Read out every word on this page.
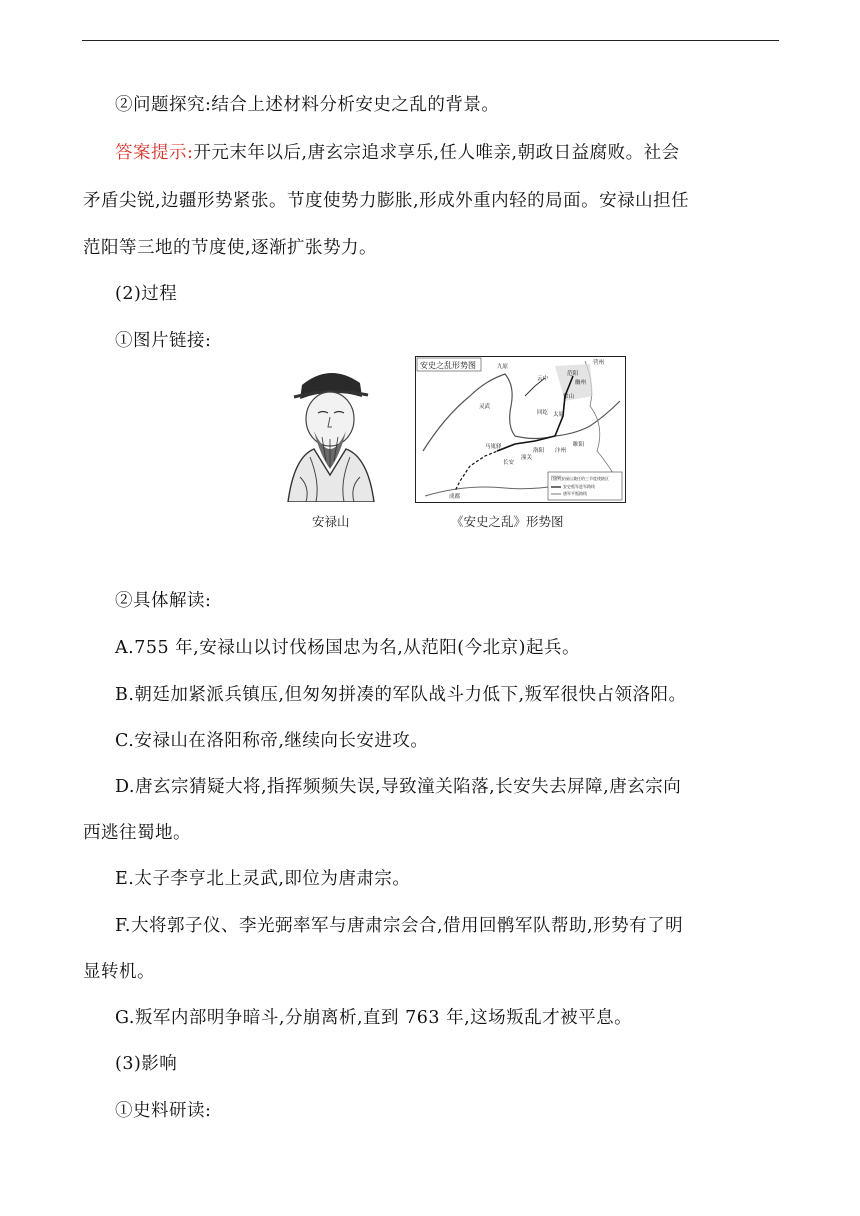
②问题探究:结合上述材料分析安史之乱的背景。
答案提示:开元末年以后,唐玄宗追求享乐,任人唯亲,朝政日益腐败。社会
矛盾尖锐,边疆形势紧张。节度使势力膨胀,形成外重内轻的局面。安禄山担任
范阳等三地的节度使,逐渐扩张势力。
(2)过程
①图片链接:
安禄山
安史之乱形势图
图例 安禄山兼任的三节度使辖区
安史叛军进军路线
唐军平叛路线
九原
云中
范阳
幽州
营州
灵武
回纥
常山
太原
马嵬驿
长安
潼关
洛阳 汴州
睢阳
成都
《安史之乱》形势图
②具体解读:
A.755 年,安禄山以讨伐杨国忠为名,从范阳(今北京)起兵。
B.朝廷加紧派兵镇压,但匆匆拼凑的军队战斗力低下,叛军很快占领洛阳。
C.安禄山在洛阳称帝,继续向长安进攻。
D.唐玄宗猜疑大将,指挥频频失误,导致潼关陷落,长安失去屏障,唐玄宗向
西逃往蜀地。
E.太子李亨北上灵武,即位为唐肃宗。
F.大将郭子仪、李光弼率军与唐肃宗会合,借用回鹘军队帮助,形势有了明
显转机。
G.叛军内部明争暗斗,分崩离析,直到 763 年,这场叛乱才被平息。
(3)影响
①史料研读:
